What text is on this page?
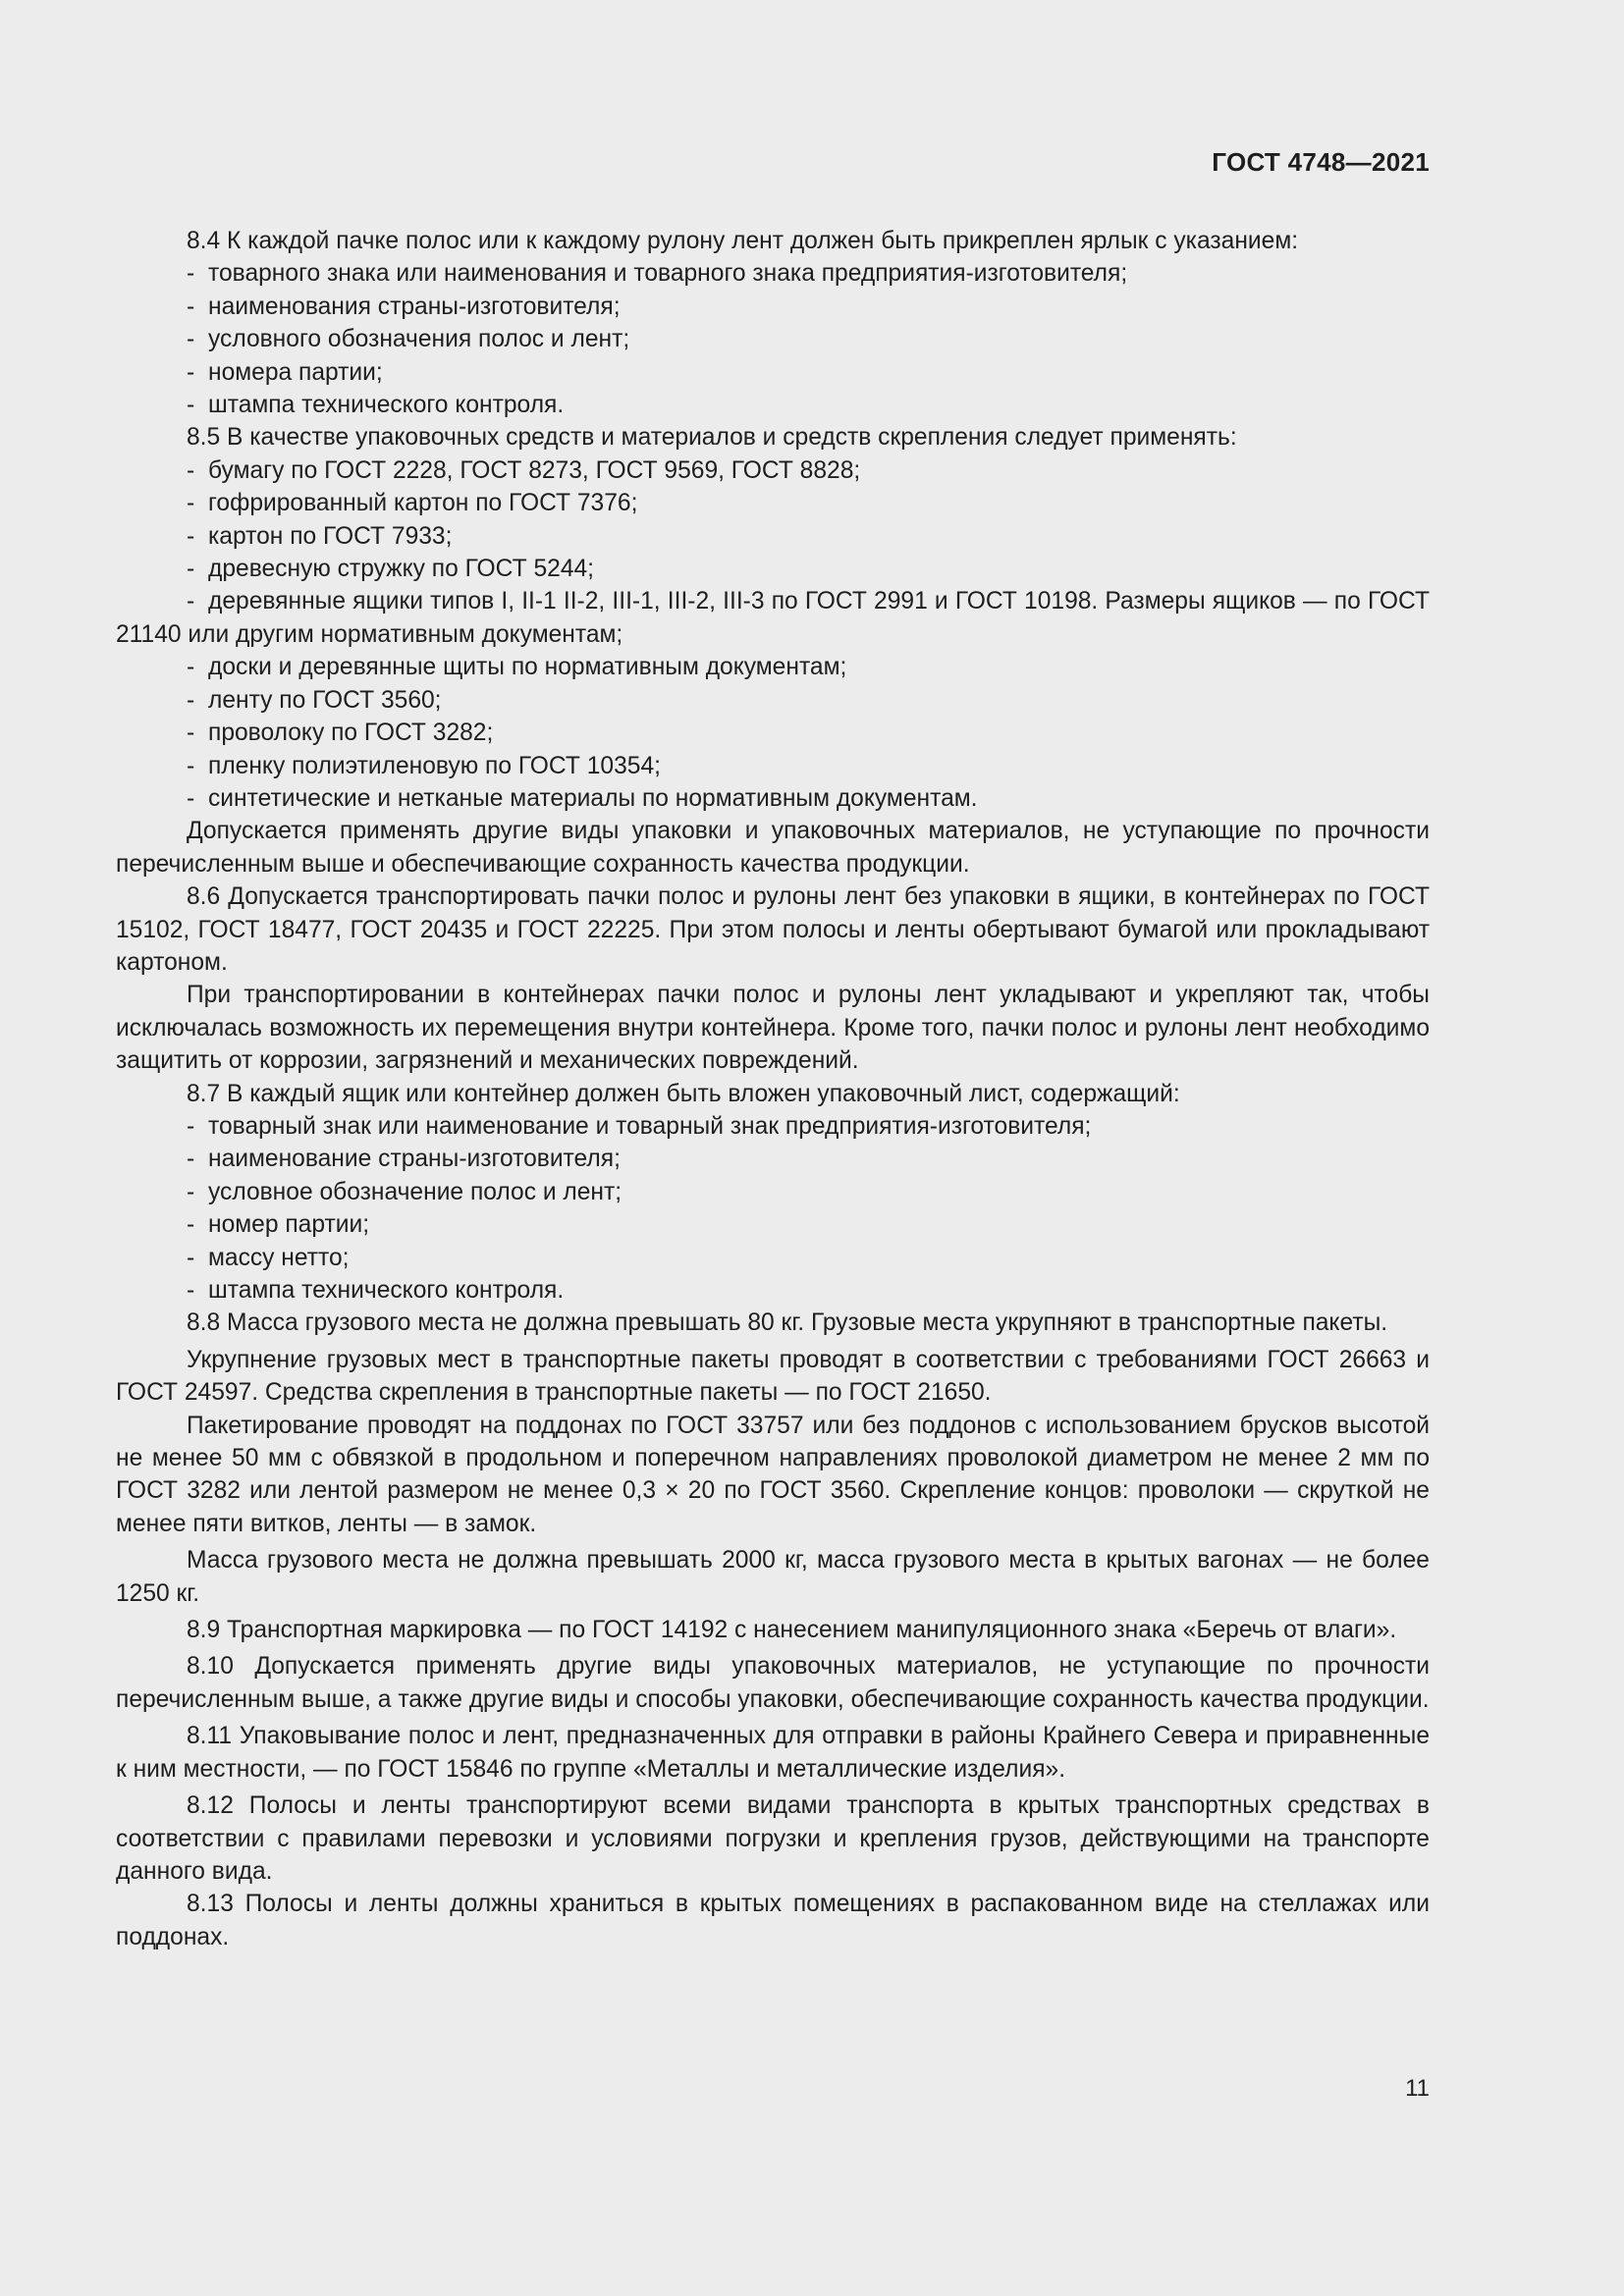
ГОСТ 4748—2021

8.4 К каждой пачке полос или к каждому рулону лент должен быть прикреплен ярлык с указанием:

- товарного знака или наименования и товарного знака предприятия-изготовителя;

- наименования страны-изготовителя;

- условного обозначения полос и лент;

- номера партии;

- штампа технического контроля.

8.5 В качестве упаковочных средств и материалов и средств скрепления следует применять:

- бумагу по ГОСТ 2228, ГОСТ 8273, ГОСТ 9569, ГОСТ 8828;

- гофрированный картон по ГОСТ 7376;

- картон по ГОСТ 7933;

- древесную стружку по ГОСТ 5244;

- деревянные ящики типов I, II-1 II-2, III-1, III-2, III-3 по ГОСТ 2991 и ГОСТ 10198. Размеры ящиков — по ГОСТ 21140 или другим нормативным документам;

- доски и деревянные щиты по нормативным документам;

- ленту по ГОСТ 3560;

- проволоку по ГОСТ 3282;

- пленку полиэтиленовую по ГОСТ 10354;

- синтетические и нетканые материалы по нормативным документам.

Допускается применять другие виды упаковки и упаковочных материалов, не уступающие по прочности перечисленным выше и обеспечивающие сохранность качества продукции.

8.6 Допускается транспортировать пачки полос и рулоны лент без упаковки в ящики, в контейнерах по ГОСТ 15102, ГОСТ 18477, ГОСТ 20435 и ГОСТ 22225. При этом полосы и ленты обертывают бумагой или прокладывают картоном.

При транспортировании в контейнерах пачки полос и рулоны лент укладывают и укрепляют так, чтобы исключалась возможность их перемещения внутри контейнера. Кроме того, пачки полос и рулоны лент необходимо защитить от коррозии, загрязнений и механических повреждений.

8.7 В каждый ящик или контейнер должен быть вложен упаковочный лист, содержащий:

- товарный знак или наименование и товарный знак предприятия-изготовителя;

- наименование страны-изготовителя;

- условное обозначение полос и лент;

- номер партии;

- массу нетто;

- штампа технического контроля.

8.8 Масса грузового места не должна превышать 80 кг. Грузовые места укрупняют в транспортные пакеты.

Укрупнение грузовых мест в транспортные пакеты проводят в соответствии с требованиями ГОСТ 26663 и ГОСТ 24597. Средства скрепления в транспортные пакеты — по ГОСТ 21650.

Пакетирование проводят на поддонах по ГОСТ 33757 или без поддонов с использованием брусков высотой не менее 50 мм с обвязкой в продольном и поперечном направлениях проволокой диаметром не менее 2 мм по ГОСТ 3282 или лентой размером не менее 0,3 × 20 по ГОСТ 3560. Скрепление концов: проволоки — скруткой не менее пяти витков, ленты — в замок.

Масса грузового места не должна превышать 2000 кг, масса грузового места в крытых вагонах — не более 1250 кг.

8.9 Транспортная маркировка — по ГОСТ 14192 с нанесением манипуляционного знака «Беречь от влаги».

8.10 Допускается применять другие виды упаковочных материалов, не уступающие по прочности перечисленным выше, а также другие виды и способы упаковки, обеспечивающие сохранность качества продукции.

8.11 Упаковывание полос и лент, предназначенных для отправки в районы Крайнего Севера и приравненные к ним местности, — по ГОСТ 15846 по группе «Металлы и металлические изделия».

8.12 Полосы и ленты транспортируют всеми видами транспорта в крытых транспортных средствах в соответствии с правилами перевозки и условиями погрузки и крепления грузов, действующими на транспорте данного вида.

8.13 Полосы и ленты должны храниться в крытых помещениях в распакованном виде на стеллажах или поддонах.

11
